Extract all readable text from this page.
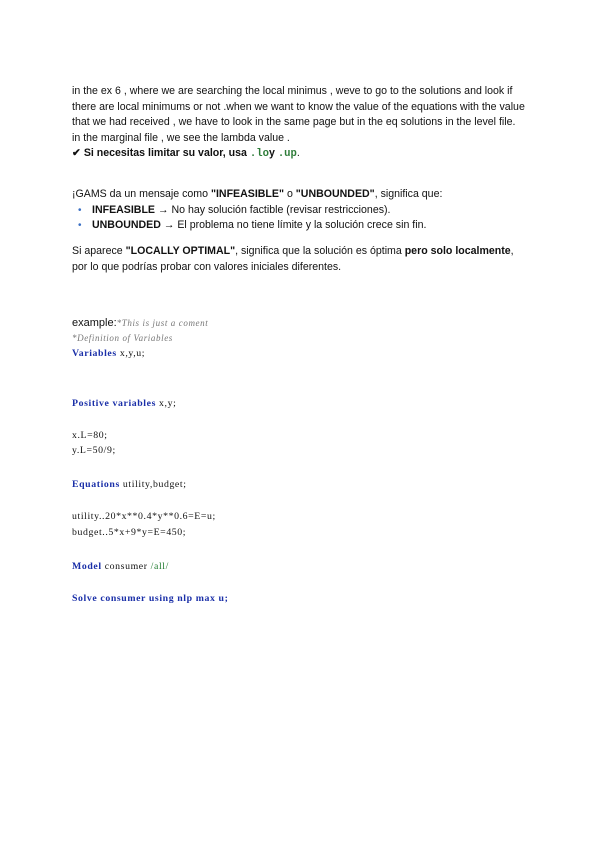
in the ex 6 , where we are searching the local minimus , weve to go to the solutions and look if there are local minimums or not .when we want to know the value of the equations with the value that we had received , we have to look in the same page but in the eq solutions in the level file.

in the marginal file , we see the lambda value .

✔ Si necesitas limitar su valor, usa .loy .up.

¡GAMS da un mensaje como "INFEASIBLE" o "UNBOUNDED", significa que:

• INFEASIBLE → No hay solución factible (revisar restricciones).
• UNBOUNDED → El problema no tiene límite y la solución crece sin fin.

Si aparece "LOCALLY OPTIMAL", significa que la solución es óptima pero solo localmente, por lo que podrías probar con valores iniciales diferentes.

example:*This is just a coment
*Definition of Variables
Variables x,y,u;
Positive variables x,y;
x.L=80;
y.L=50/9;
Equations utility,budget;
utility..20*x**0.4*y**0.6=E=u;
budget..5*x+9*y=E=450;
Model consumer /all/
Solve consumer using nlp max u;
